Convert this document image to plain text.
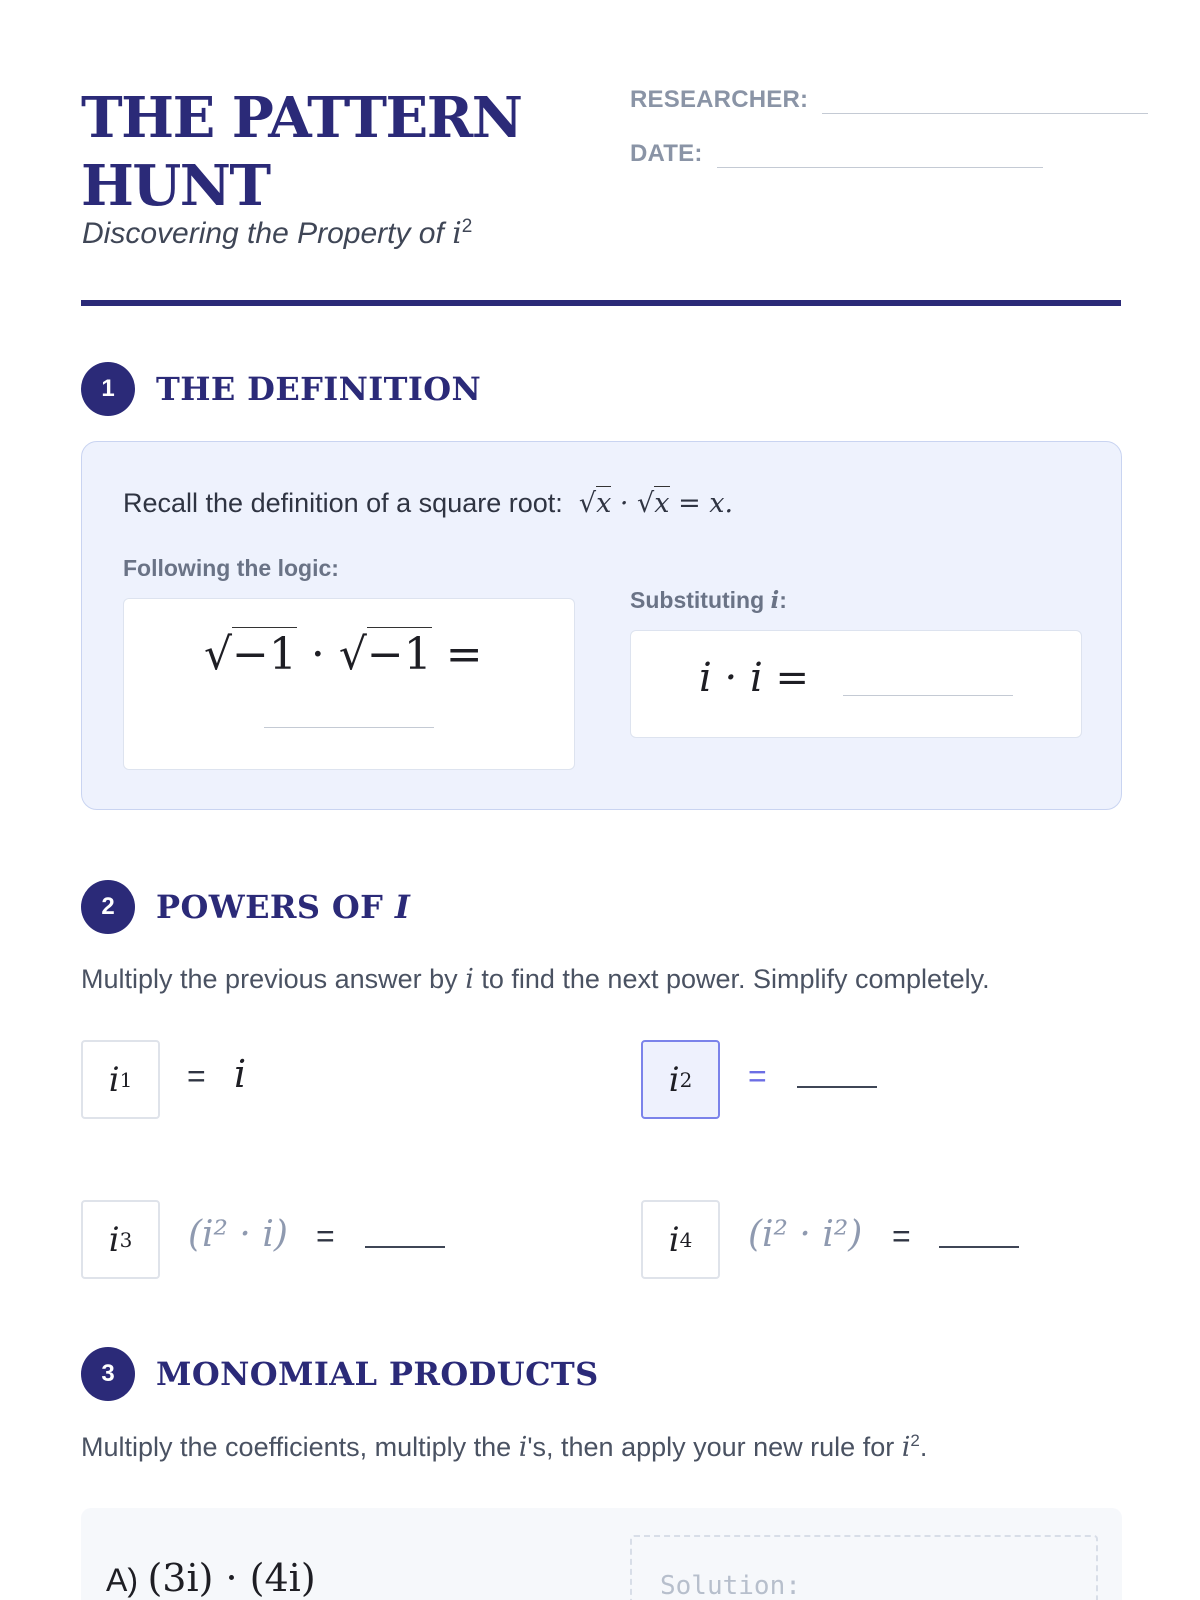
THE PATTERN
HUNT
Discovering the Property of $i^2$
RESEARCHER:
DATE:
1	THE DEFINITION
Recall the definition of a square root:  √x · √x = x.
Following the logic:
Substituting i:
√−1 · √−1 =	i · i =
2	POWERS OF I
Multiply the previous answer by i to find the next power. Simplify completely.
i 1 = i	i 2 =
i 3 (i² · i) =	i 4 (i² · i²) =
3	MONOMIAL PRODUCTS
Multiply the coefficients, multiply the i's, then apply your new rule for $i^2$.
A) (3i) · (4i)	Solution:
